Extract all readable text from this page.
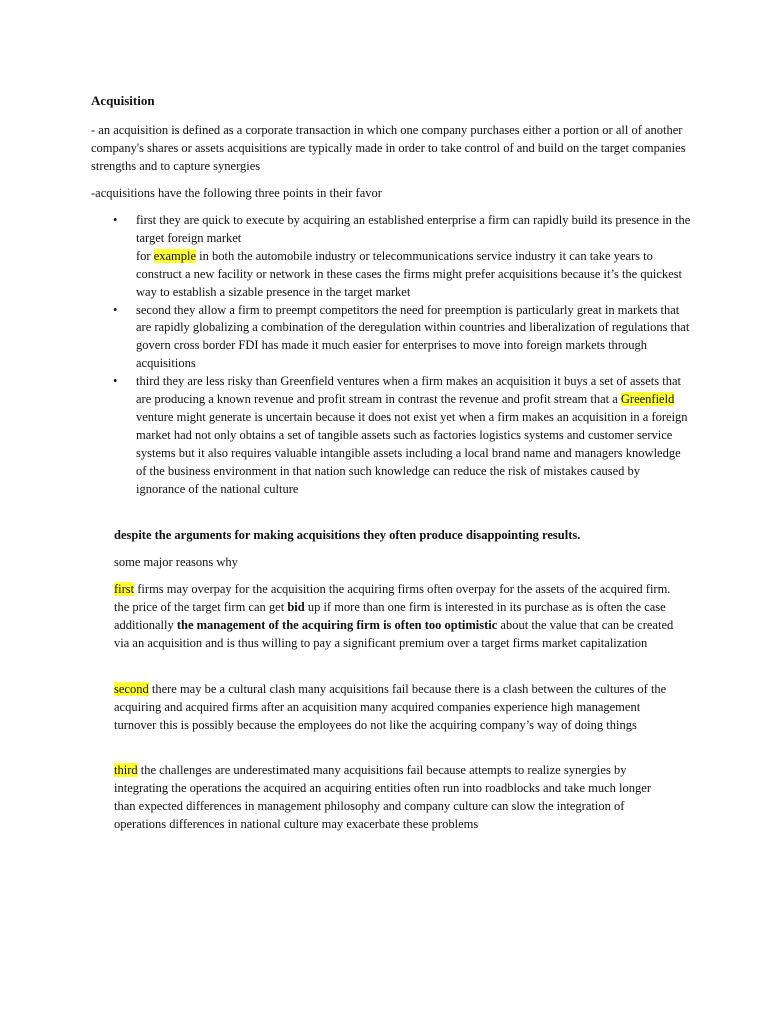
Acquisition
- an acquisition is defined as a corporate transaction in which one company purchases either a portion or all of another company's shares or assets acquisitions are typically made in order to take control of and build on the target companies strengths and to capture synergies
-acquisitions have the following three points in their favor
• first they are quick to execute by acquiring an established enterprise a firm can rapidly build its presence in the target foreign market
for example in both the automobile industry or telecommunications service industry it can take years to construct a new facility or network in these cases the firms might prefer acquisitions because it’s the quickest way to establish a sizable presence in the target market
• second they allow a firm to preempt competitors the need for preemption is particularly great in markets that are rapidly globalizing a combination of the deregulation within countries and liberalization of regulations that govern cross border FDI has made it much easier for enterprises to move into foreign markets through acquisitions
• third they are less risky than Greenfield ventures when a firm makes an acquisition it buys a set of assets that are producing a known revenue and profit stream in contrast the revenue and profit stream that a Greenfield venture might generate is uncertain because it does not exist yet when a firm makes an acquisition in a foreign market had not only obtains a set of tangible assets such as factories logistics systems and customer service systems but it also requires valuable intangible assets including a local brand name and managers knowledge of the business environment in that nation such knowledge can reduce the risk of mistakes caused by ignorance of the national culture
despite the arguments for making acquisitions they often produce disappointing results.
some major reasons why
first firms may overpay for the acquisition the acquiring firms often overpay for the assets of the acquired firm. the price of the target firm can get bid up if more than one firm is interested in its purchase as is often the case additionally the management of the acquiring firm is often too optimistic about the value that can be created via an acquisition and is thus willing to pay a significant premium over a target firms market capitalization
second there may be a cultural clash many acquisitions fail because there is a clash between the cultures of the acquiring and acquired firms after an acquisition many acquired companies experience high management turnover this is possibly because the employees do not like the acquiring company’s way of doing things
third the challenges are underestimated many acquisitions fail because attempts to realize synergies by integrating the operations the acquired an acquiring entities often run into roadblocks and take much longer than expected differences in management philosophy and company culture can slow the integration of operations differences in national culture may exacerbate these problems
